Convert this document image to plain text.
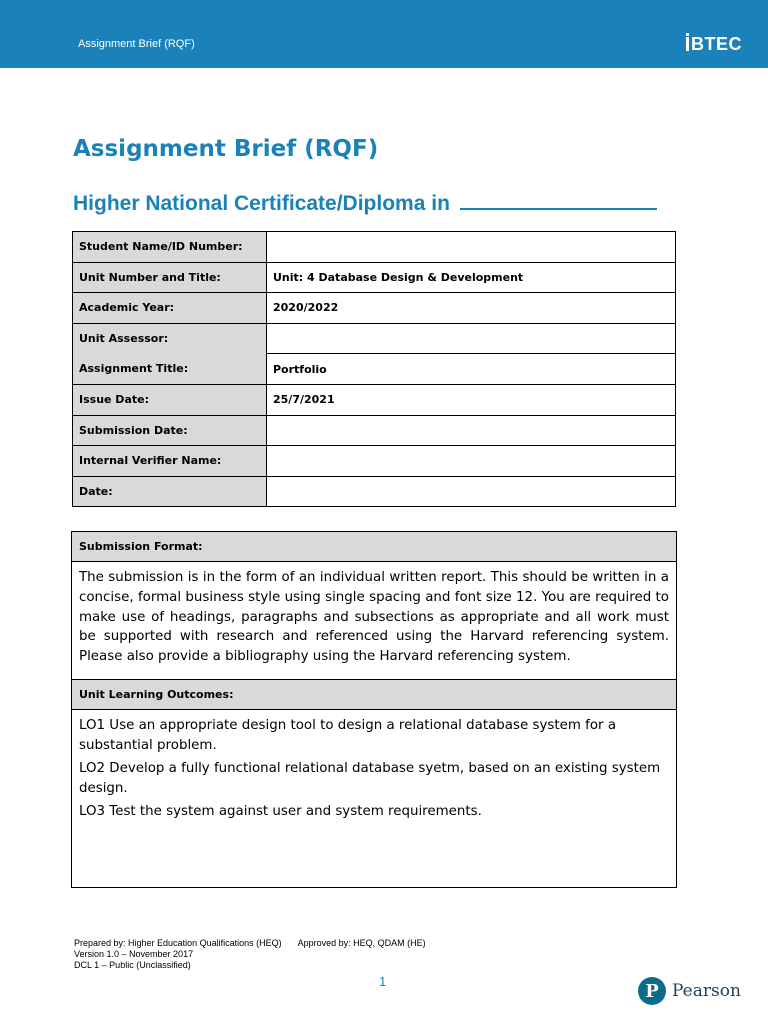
Assignment Brief (RQF)	BTEC
Assignment Brief (RQF)
Higher National Certificate/Diploma in
Student Name/ID Number:	
Unit Number and Title:	Unit: 4 Database Design & Development
Academic Year:	2020/2022
Unit Assessor:	
Assignment Title:	Portfolio
Issue Date:	25/7/2021
Submission Date:	
Internal Verifier Name:	
Date:	
Submission Format:
The submission is in the form of an individual written report. This should be written in a concise, formal business style using single spacing and font size 12. You are required to make use of headings, paragraphs and subsections as appropriate and all work must be supported with research and referenced using the Harvard referencing system. Please also provide a bibliography using the Harvard referencing system.
Unit Learning Outcomes:

LO1 Use an appropriate design tool to design a relational database system for a substantial problem.

LO2 Develop a fully functional relational database syetm, based on an existing system design.

LO3 Test the system against user and system requirements.

Prepared by: Higher Education Qualifications (HEQ) Approved by: HEQ, QDAM (HE)
Version 1.0 – November 2017
DCL 1 – Public (Unclassified)
1	P Pearson
